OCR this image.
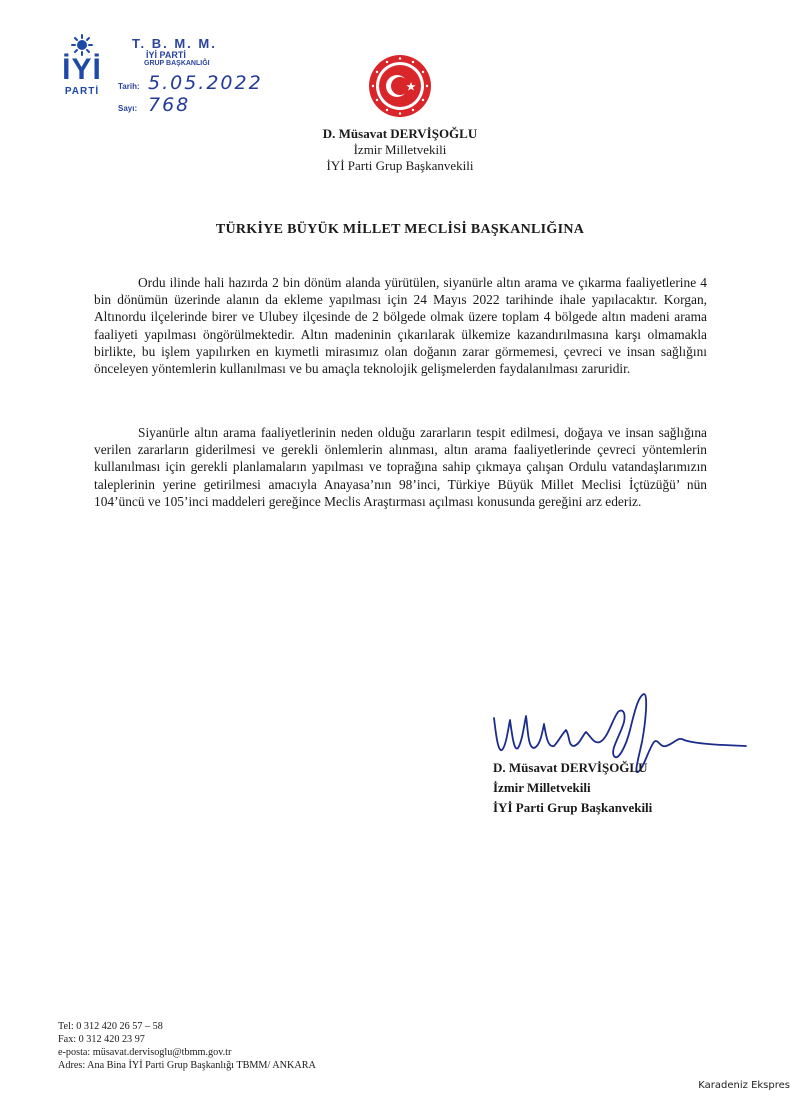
İYİ
PARTİ
T. B. M. M.
İYİ PARTİ
GRUP BAŞKANLIĞI
Tarih: 5.05.2022
Sayı: 768
D. Müsavat DERVİŞOĞLU
İzmir Milletvekili
İYİ Parti Grup Başkanvekili
TÜRKİYE BÜYÜK MİLLET MECLİSİ BAŞKANLIĞINA

Ordu ilinde hali hazırda 2 bin dönüm alanda yürütülen, siyanürle altın arama ve çıkarma faaliyetlerine 4 bin dönümün üzerinde alanın da ekleme yapılması için 24 Mayıs 2022 tarihinde ihale yapılacaktır. Korgan, Altınordu ilçelerinde birer ve Ulubey ilçesinde de 2 bölgede olmak üzere toplam 4 bölgede altın madeni arama faaliyeti yapılması öngörülmektedir. Altın madeninin çıkarılarak ülkemize kazandırılmasına karşı olmamakla birlikte, bu işlem yapılırken en kıymetli mirasımız olan doğanın zarar görmemesi, çevreci ve insan sağlığını önceleyen yöntemlerin kullanılması ve bu amaçla teknolojik gelişmelerden faydalanılması zaruridir.

Siyanürle altın arama faaliyetlerinin neden olduğu zararların tespit edilmesi, doğaya ve insan sağlığına verilen zararların giderilmesi ve gerekli önlemlerin alınması, altın arama faaliyetlerinde çevreci yöntemlerin kullanılması için gerekli planlamaların yapılması ve toprağına sahip çıkmaya çalışan Ordulu vatandaşlarımızın taleplerinin yerine getirilmesi amacıyla Anayasa’nın 98’inci, Türkiye Büyük Millet Meclisi İçtüzüğü’ nün 104’üncü ve 105’inci maddeleri gereğince Meclis Araştırması açılması konusunda gereğini arz ederiz.

D. Müsavat DERVİŞOĞLU
İzmir Milletvekili
İYİ Parti Grup Başkanvekili
Tel: 0 312 420 26 57 – 58
Fax: 0 312 420 23 97
e-posta: müsavat.dervisoglu@tbmm.gov.tr
Adres: Ana Bina İYİ Parti Grup Başkanlığı TBMM/ ANKARA
Karadeniz Ekspres
